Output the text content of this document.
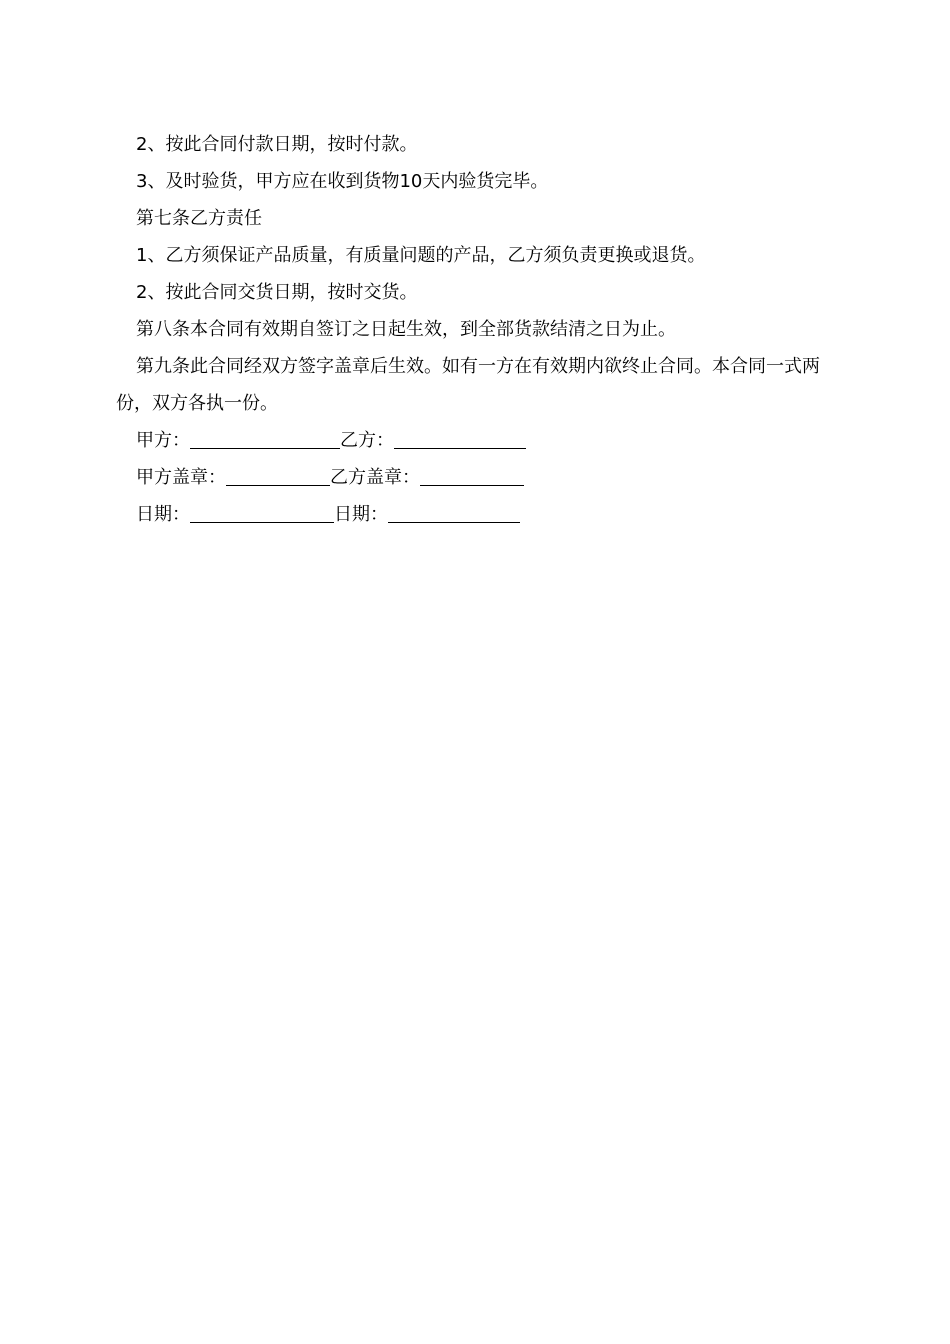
2、按此合同付款日期，按时付款。

3、及时验货，甲方应在收到货物10天内验货完毕。

第七条乙方责任

1、乙方须保证产品质量，有质量问题的产品，乙方须负责更换或退货。

2、按此合同交货日期，按时交货。

第八条本合同有效期自签订之日起生效，到全部货款结清之日为止。

第九条此合同经双方签字盖章后生效。如有一方在有效期内欲终止合同。本合同一式两份，双方各执一份。

甲方：	乙方：

甲方盖章：	乙方盖章：

日期：	日期：
